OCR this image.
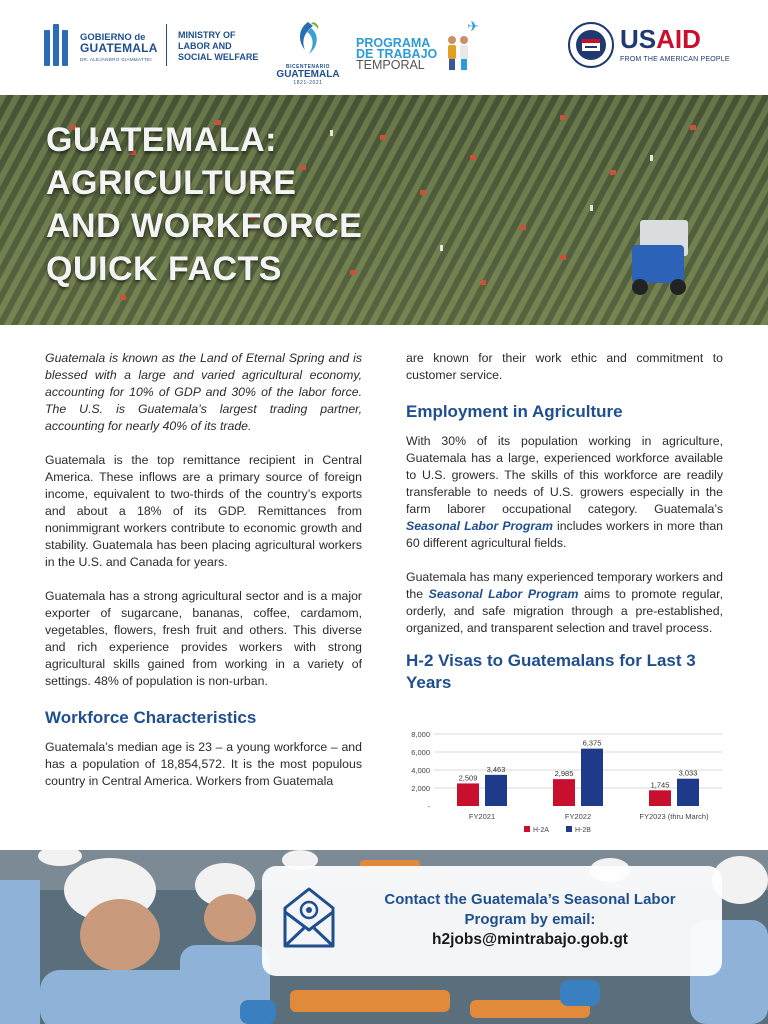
GOBIERNO de
GUATEMALA
DR. ALEJANDRO GIAMMATTEI
MINISTRY OF
LABOR AND
SOCIAL WELFARE
BICENTENARIO
GUATEMALA
1821-2021
✈
PROGRAMA
DE TRABAJO
TEMPORAL
USAID
FROM THE AMERICAN PEOPLE
GUATEMALA:
AGRICULTURE
AND WORKFORCE
QUICK FACTS

Guatemala is known as the Land of Eternal Spring and is blessed with a large and varied agricultural economy, accounting for 10% of GDP and 30% of the labor force. The U.S. is Guatemala’s largest trading partner, accounting for nearly 40% of its trade.

Guatemala is the top remittance recipient in Central America. These inflows are a primary source of foreign income, equivalent to two-thirds of the country’s exports and about a 18% of its GDP. Remittances from nonimmigrant workers contribute to economic growth and stability. Guatemala has been placing agricultural workers in the U.S. and Canada for years.

Guatemala has a strong agricultural sector and is a major exporter of sugarcane, bananas, coffee, cardamom, vegetables, flowers, fresh fruit and others. This diverse and rich experience provides workers with strong agricultural skills gained from working in a variety of settings. 48% of population is non-urban.

Workforce Characteristics

Guatemala’s median age is 23 – a young workforce – and has a population of 18,854,572. It is the most populous country in Central America. Workers from Guatemala

are known for their work ethic and commitment to customer service.

Employment in Agriculture

With 30% of its population working in agriculture, Guatemala has a large, experienced workforce available to U.S. growers. The skills of this workforce are readily transferable to needs of U.S. growers especially in the farm laborer occupational category. Guatemala’s Seasonal Labor Program includes workers in more than 60 different agricultural fields.

Guatemala has many experienced temporary workers and the Seasonal Labor Program aims to promote regular, orderly, and safe migration through a pre-established, organized, and transparent selection and travel process.

H-2 Visas to Guatemalans for Last 3 Years
-
2,000
4,000
6,000
8,000
2,509
3,463
FY2021
2,985
6,375
FY2022
1,745
3,033
FY2023 (thru March)
H-2A	H-2B
Contact the Guatemala’s Seasonal Labor
Program by email:
h2jobs@mintrabajo.gob.gt
